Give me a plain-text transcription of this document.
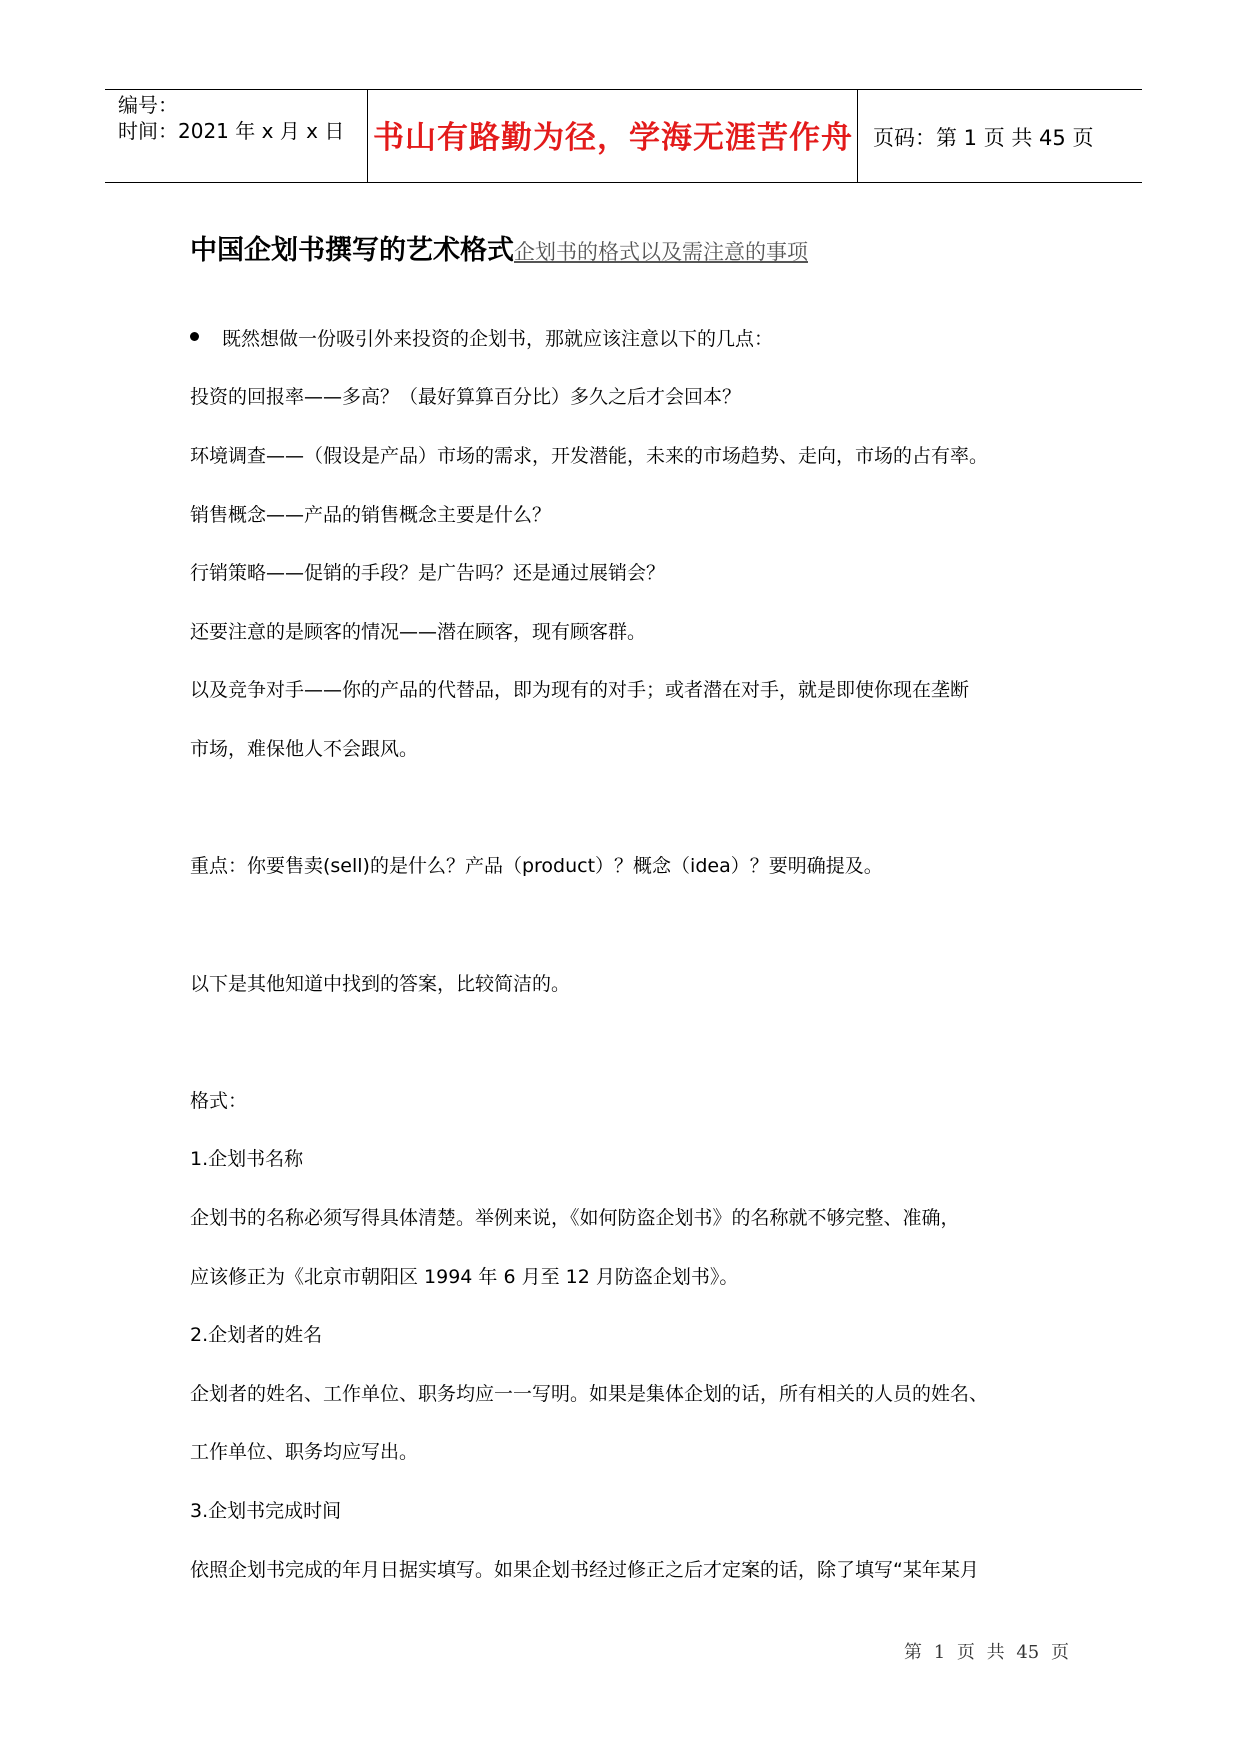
编号：
时间：2021 年 x 月 x 日 书山有路勤为径，学海无涯苦作舟 页码：第 1 页 共 45 页
中国企划书撰写的艺术格式企划书的格式以及需注意的事项
既然想做一份吸引外来投资的企划书，那就应该注意以下的几点：
投资的回报率——多高？（最好算算百分比）多久之后才会回本？
环境调查——（假设是产品）市场的需求，开发潜能，未来的市场趋势、走向，市场的占有率。
销售概念——产品的销售概念主要是什么？
行销策略——促销的手段？是广告吗？还是通过展销会？
还要注意的是顾客的情况——潜在顾客，现有顾客群。
以及竞争对手——你的产品的代替品，即为现有的对手；或者潜在对手，就是即使你现在垄断
市场，难保他人不会跟风。
重点：你要售卖(sell)的是什么？产品（product）？概念（idea）？要明确提及。
以下是其他知道中找到的答案，比较简洁的。
格式：
1.企划书名称
企划书的名称必须写得具体清楚。举例来说，《如何防盗企划书》的名称就不够完整、准确，
应该修正为《北京市朝阳区 1994 年 6 月至 12 月防盗企划书》。
2.企划者的姓名
企划者的姓名、工作单位、职务均应一一写明。如果是集体企划的话，所有相关的人员的姓名、
工作单位、职务均应写出。
3.企划书完成时间
依照企划书完成的年月日据实填写。如果企划书经过修正之后才定案的话，除了填写“某年某月
第 1 页 共 45 页
